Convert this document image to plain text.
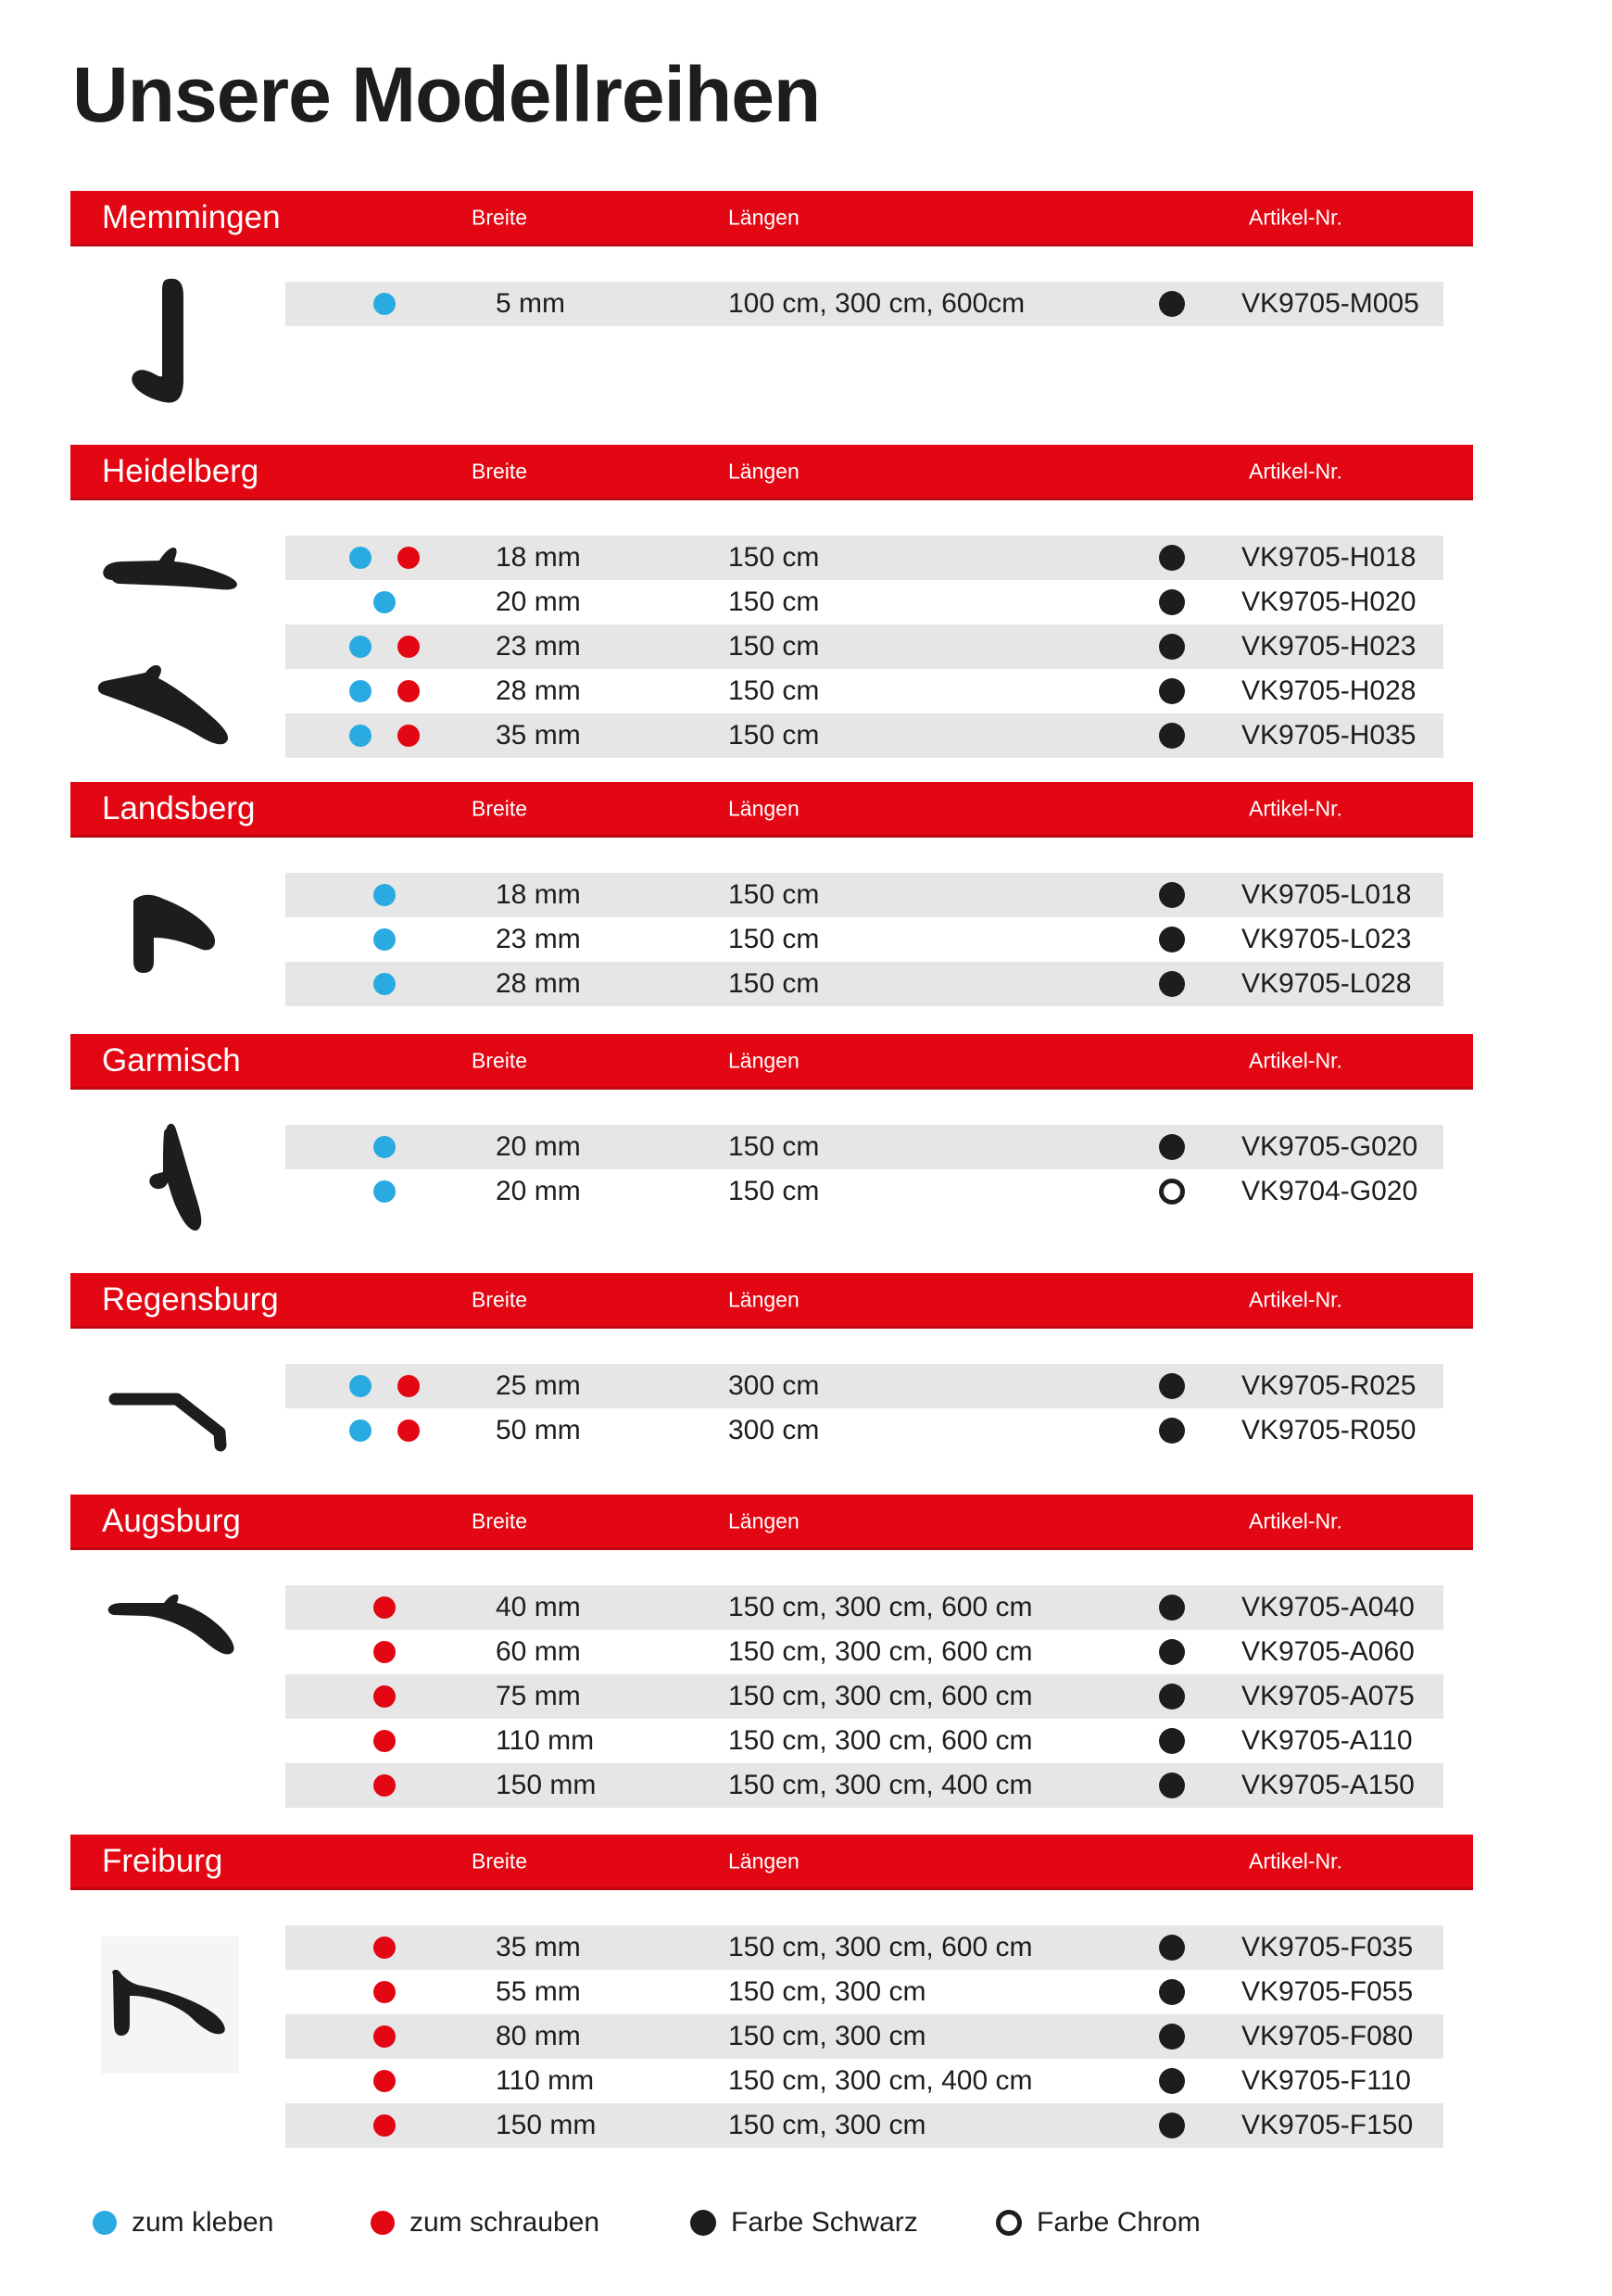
Unsere Modellreihen
Memmingen	Breite	Längen	Artikel-Nr.
5 mm	100 cm, 300 cm, 600cm	VK9705-M005
Heidelberg	Breite	Längen	Artikel-Nr.
18 mm	150 cm	VK9705-H018
20 mm	150 cm	VK9705-H020
23 mm	150 cm	VK9705-H023
28 mm	150 cm	VK9705-H028
35 mm	150 cm	VK9705-H035
Landsberg	Breite	Längen	Artikel-Nr.
18 mm	150 cm	VK9705-L018
23 mm	150 cm	VK9705-L023
28 mm	150 cm	VK9705-L028
Garmisch	Breite	Längen	Artikel-Nr.
20 mm	150 cm	VK9705-G020
20 mm	150 cm	VK9704-G020
Regensburg	Breite	Längen	Artikel-Nr.
25 mm	300 cm	VK9705-R025
50 mm	300 cm	VK9705-R050
Augsburg	Breite	Längen	Artikel-Nr.
40 mm	150 cm, 300 cm, 600 cm	VK9705-A040
60 mm	150 cm, 300 cm, 600 cm	VK9705-A060
75 mm	150 cm, 300 cm, 600 cm	VK9705-A075
110 mm	150 cm, 300 cm, 600 cm	VK9705-A110
150 mm	150 cm, 300 cm, 400 cm	VK9705-A150
Freiburg	Breite	Längen	Artikel-Nr.
35 mm	150 cm, 300 cm, 600 cm	VK9705-F035
55 mm	150 cm, 300 cm	VK9705-F055
80 mm	150 cm, 300 cm	VK9705-F080
110 mm	150 cm, 300 cm, 400 cm	VK9705-F110
150 mm	150 cm, 300 cm	VK9705-F150
zum kleben	zum schrauben	Farbe Schwarz	Farbe Chrom
